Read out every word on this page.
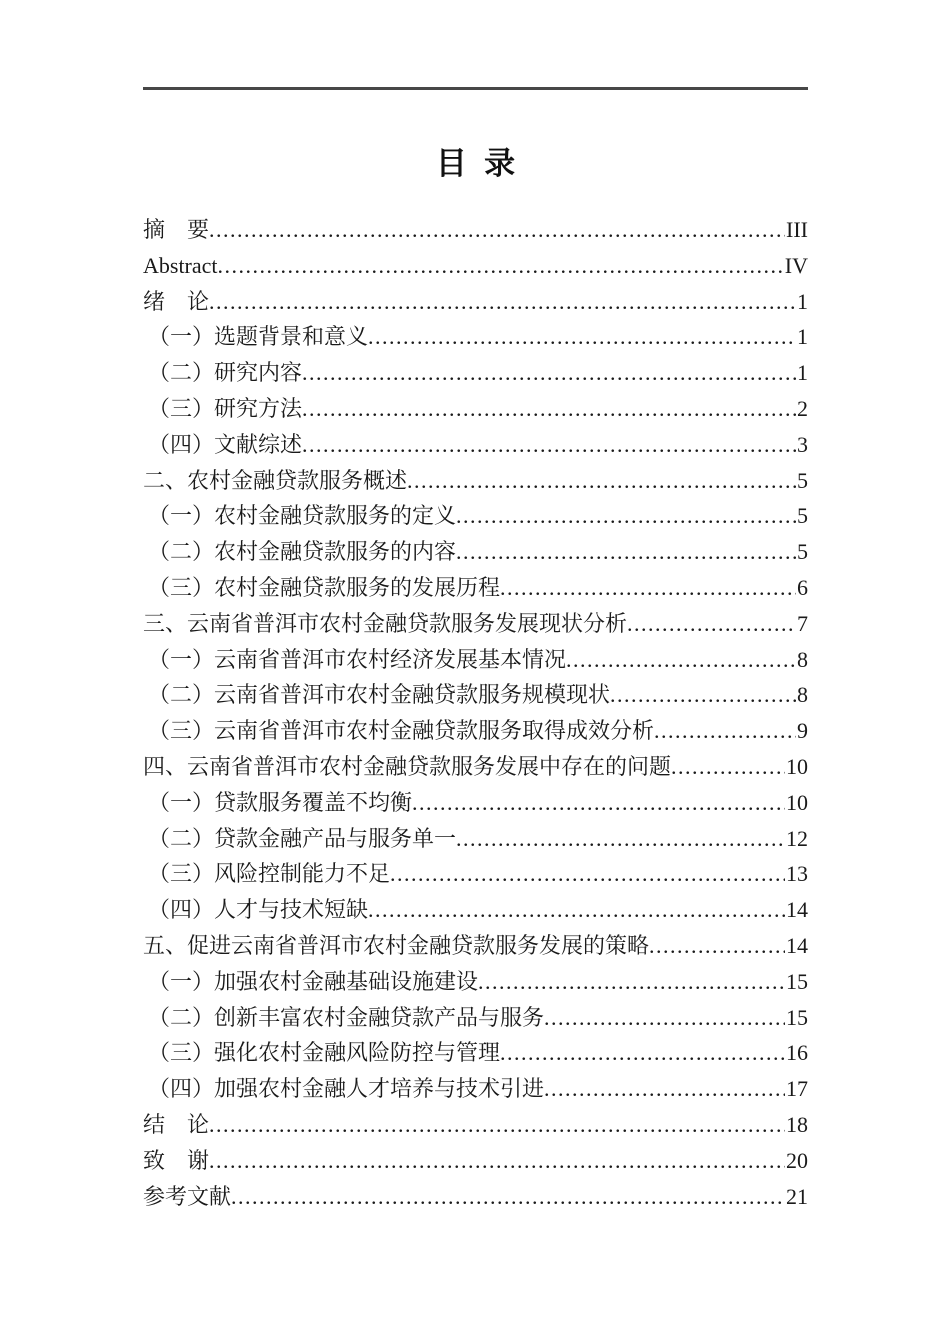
目  录
摘　要 .....	III
Abstract .....	IV
绪　论 .....	1
（一）选题背景和意义 .....	1
（二）研究内容 .....	1
（三）研究方法 .....	2
（四）文献综述 .....	3
二、农村金融贷款服务概述 .....	5
（一）农村金融贷款服务的定义 .....	5
（二）农村金融贷款服务的内容 .....	5
（三）农村金融贷款服务的发展历程 .....	6
三、云南省普洱市农村金融贷款服务发展现状分析 .....	7
（一）云南省普洱市农村经济发展基本情况 .....	8
（二）云南省普洱市农村金融贷款服务规模现状 .....	8
（三）云南省普洱市农村金融贷款服务取得成效分析 .....	9
四、云南省普洱市农村金融贷款服务发展中存在的问题 .....	10
（一）贷款服务覆盖不均衡 .....	10
（二）贷款金融产品与服务单一 .....	12
（三）风险控制能力不足 .....	13
（四）人才与技术短缺 .....	14
五、促进云南省普洱市农村金融贷款服务发展的策略 .....	14
（一）加强农村金融基础设施建设 .....	15
（二）创新丰富农村金融贷款产品与服务 .....	15
（三）强化农村金融风险防控与管理 .....	16
（四）加强农村金融人才培养与技术引进 .....	17
结　论 .....	18
致　谢 .....	20
参考文献 .....	21
